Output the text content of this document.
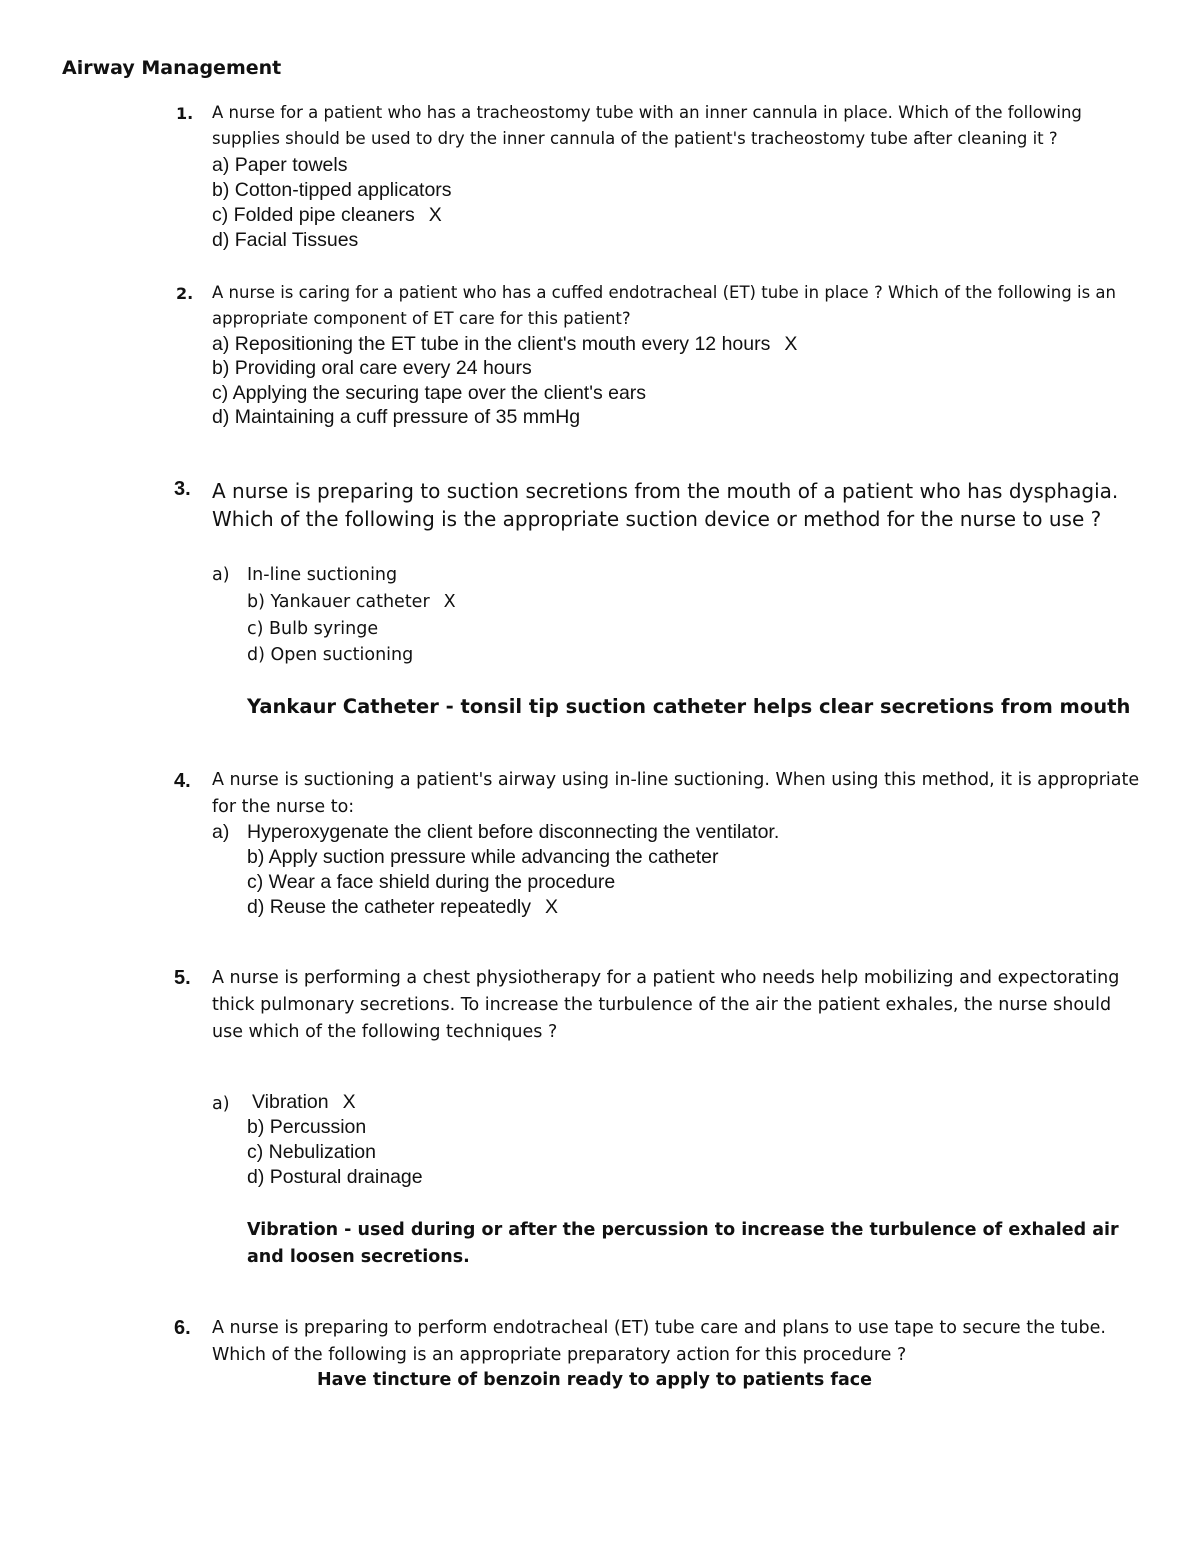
Airway Management
1. A nurse for a patient who has a tracheostomy tube with an inner cannula in place. Which of the following supplies should be used to dry the inner cannula of the patient's tracheostomy tube after cleaning it ?
a) Paper towels
b) Cotton-tipped applicators
c) Folded pipe cleaners X
d) Facial Tissues
2. A nurse is caring for a patient who has a cuffed endotracheal (ET) tube in place ? Which of the following is an appropriate component of ET care for this patient?
a) Repositioning the ET tube in the client's mouth every 12 hours X
b) Providing oral care every 24 hours
c) Applying the securing tape over the client's ears
d) Maintaining a cuff pressure of 35 mmHg
3. A nurse is preparing to suction secretions from the mouth of a patient who has dysphagia. Which of the following is the appropriate suction device or method for the nurse to use ?
a) In-line suctioning
b) Yankauer catheter X
c) Bulb syringe
d) Open suctioning
Yankaur Catheter - tonsil tip suction catheter helps clear secretions from mouth
4. A nurse is suctioning a patient's airway using in-line suctioning. When using this method, it is appropriate for the nurse to:
a) Hyperoxygenate the client before disconnecting the ventilator.
b) Apply suction pressure while advancing the catheter
c) Wear a face shield during the procedure
d) Reuse the catheter repeatedly X
5. A nurse is performing a chest physiotherapy for a patient who needs help mobilizing and expectorating thick pulmonary secretions. To increase the turbulence of the air the patient exhales, the nurse should use which of the following techniques ?
a) Vibration X
b) Percussion
c) Nebulization
d) Postural drainage
Vibration - used during or after the percussion to increase the turbulence of exhaled air and loosen secretions.
6. A nurse is preparing to perform endotracheal (ET) tube care and plans to use tape to secure the tube. Which of the following is an appropriate preparatory action for this procedure ?
Have tincture of benzoin ready to apply to patients face
